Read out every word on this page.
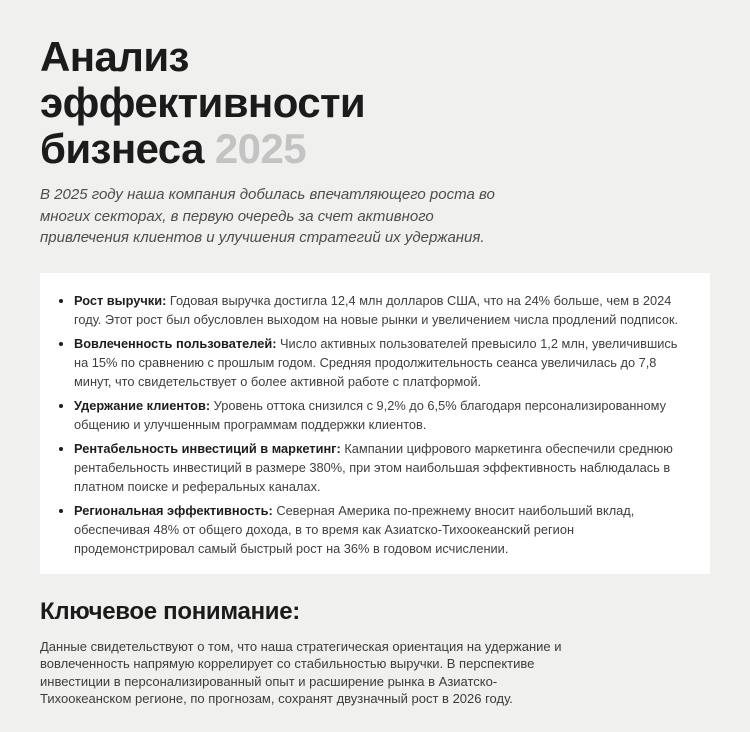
Анализ
эффективности
бизнеса 2025

В 2025 году наша компания добилась впечатляющего роста во многих секторах, в первую очередь за счет активного привлечения клиентов и улучшения стратегий их удержания.

• Рост выручки: Годовая выручка достигла 12,4 млн долларов США, что на 24% больше, чем в 2024 году. Этот рост был обусловлен выходом на новые рынки и увеличением числа продлений подписок.
• Вовлеченность пользователей: Число активных пользователей превысило 1,2 млн, увеличившись на 15% по сравнению с прошлым годом. Средняя продолжительность сеанса увеличилась до 7,8 минут, что свидетельствует о более активной работе с платформой.
• Удержание клиентов: Уровень оттока снизился с 9,2% до 6,5% благодаря персонализированному общению и улучшенным программам поддержки клиентов.
• Рентабельность инвестиций в маркетинг: Кампании цифрового маркетинга обеспечили среднюю рентабельность инвестиций в размере 380%, при этом наибольшая эффективность наблюдалась в платном поиске и реферальных каналах.
• Региональная эффективность: Северная Америка по-прежнему вносит наибольший вклад, обеспечивая 48% от общего дохода, в то время как Азиатско-Тихоокеанский регион продемонстрировал самый быстрый рост на 36% в годовом исчислении.
Ключевое понимание:

Данные свидетельствуют о том, что наша стратегическая ориентация на удержание и вовлеченность напрямую коррелирует со стабильностью выручки. В перспективе инвестиции в персонализированный опыт и расширение рынка в Азиатско-Тихоокеанском регионе, по прогнозам, сохранят двузначный рост в 2026 году.
